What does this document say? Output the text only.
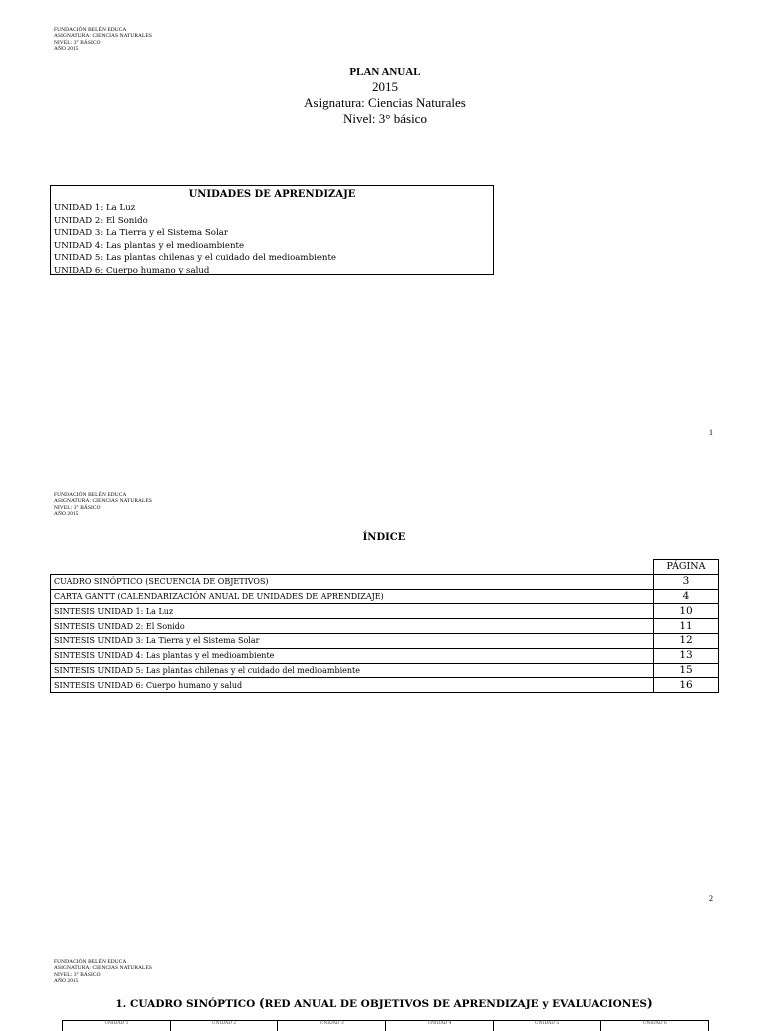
FUNDACIÓN BELÉN EDUCA
ASIGNATURA: CIENCIAS NATURALES
NIVEL: 3° BÁSICO
AÑO 2015
PLAN ANUAL
2015
Asignatura: Ciencias Naturales
Nivel: 3° básico
UNIDADES DE APRENDIZAJE
UNIDAD 1: La Luz
UNIDAD 2: El Sonido
UNIDAD 3: La Tierra y el Sistema Solar
UNIDAD 4: Las plantas y el medioambiente
UNIDAD 5: Las plantas chilenas y el cuidado del medioambiente
UNIDAD 6: Cuerpo humano y salud
1
FUNDACIÓN BELÉN EDUCA
ASIGNATURA: CIENCIAS NATURALES
NIVEL: 3° BÁSICO
AÑO 2015
ÍNDICE
	PÁGINA
CUADRO SINÓPTICO (SECUENCIA DE OBJETIVOS)	3
CARTA GANTT (CALENDARIZACIÓN ANUAL DE UNIDADES DE APRENDIZAJE)	4
SINTESIS UNIDAD 1: La Luz	10
SINTESIS UNIDAD 2: El Sonido	11
SINTESIS UNIDAD 3: La Tierra y el Sistema Solar	12
SINTESIS UNIDAD 4: Las plantas y el medioambiente	13
SINTESIS UNIDAD 5: Las plantas chilenas y el cuidado del medioambiente	15
SINTESIS UNIDAD 6: Cuerpo humano y salud	16
2
FUNDACIÓN BELÉN EDUCA
ASIGNATURA: CIENCIAS NATURALES
NIVEL: 3° BÁSICO
AÑO 2015
1. CUADRO SINÓPTICO (RED ANUAL DE OBJETIVOS DE APRENDIZAJE y EVALUACIONES)
UNIDAD 1	UNIDAD 2	UNIDAD 3	UNIDAD 4	UNIDAD 5	UNIDAD 6
